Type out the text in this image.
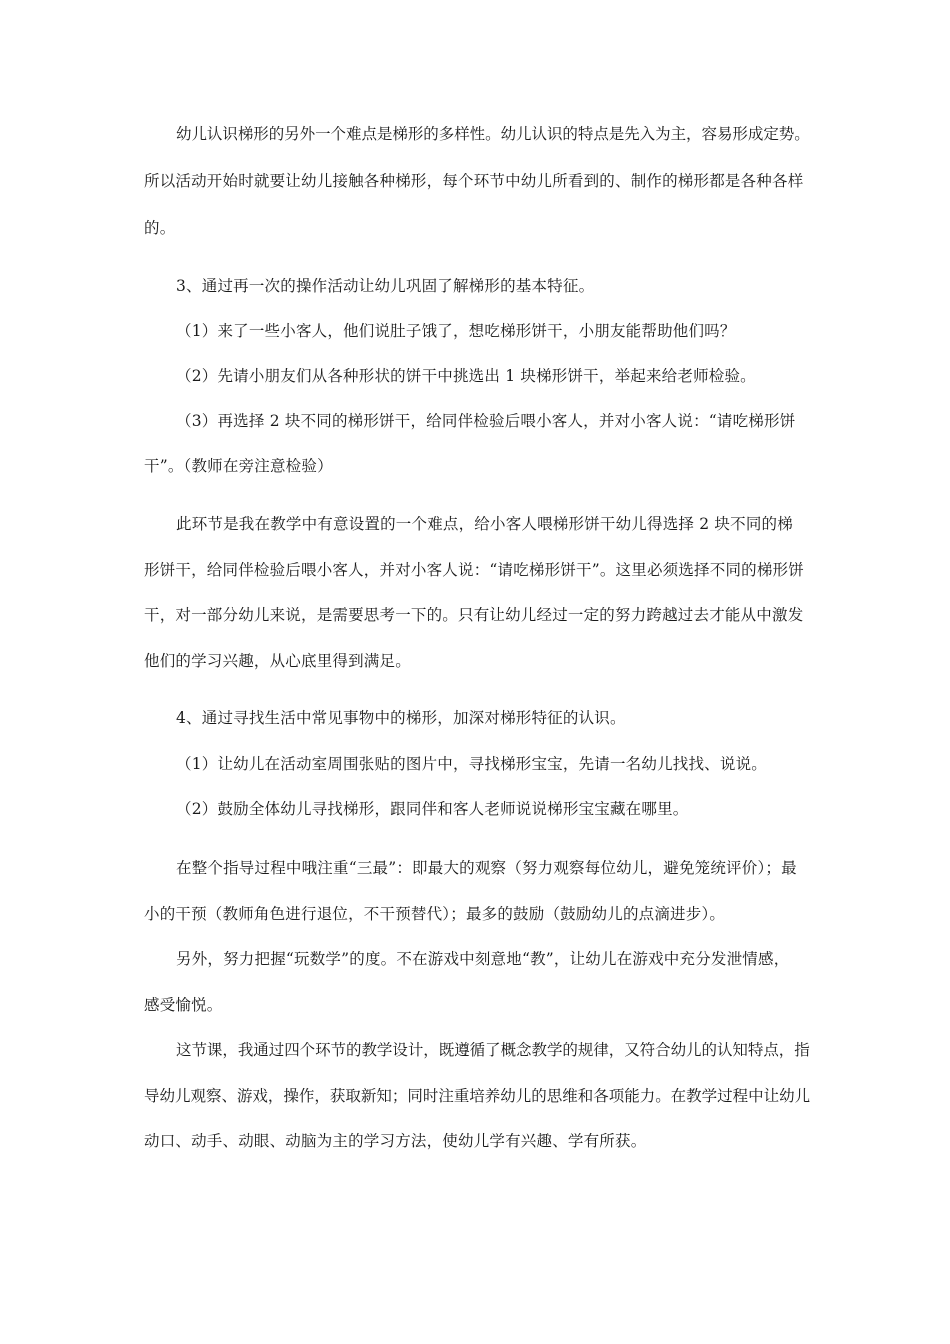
幼儿认识梯形的另外一个难点是梯形的多样性。幼儿认识的特点是先入为主，容易形成定势。
所以活动开始时就要让幼儿接触各种梯形，每个环节中幼儿所看到的、制作的梯形都是各种各样
的。
3、通过再一次的操作活动让幼儿巩固了解梯形的基本特征。
（1）来了一些小客人，他们说肚子饿了，想吃梯形饼干，小朋友能帮助他们吗？
（2）先请小朋友们从各种形状的饼干中挑选出 1 块梯形饼干，举起来给老师检验。
（3）再选择 2 块不同的梯形饼干，给同伴检验后喂小客人，并对小客人说：“请吃梯形饼
干”。（教师在旁注意检验）
此环节是我在教学中有意设置的一个难点，给小客人喂梯形饼干幼儿得选择 2 块不同的梯
形饼干，给同伴检验后喂小客人，并对小客人说：“请吃梯形饼干”。这里必须选择不同的梯形饼
干，对一部分幼儿来说，是需要思考一下的。只有让幼儿经过一定的努力跨越过去才能从中激发
他们的学习兴趣，从心底里得到满足。
4、通过寻找生活中常见事物中的梯形，加深对梯形特征的认识。
（1）让幼儿在活动室周围张贴的图片中，寻找梯形宝宝，先请一名幼儿找找、说说。
（2）鼓励全体幼儿寻找梯形，跟同伴和客人老师说说梯形宝宝藏在哪里。
在整个指导过程中哦注重“三最”：即最大的观察（努力观察每位幼儿，避免笼统评价）；最
小的干预（教师角色进行退位，不干预替代）；最多的鼓励（鼓励幼儿的点滴进步）。
另外，努力把握“玩数学”的度。不在游戏中刻意地“教”，让幼儿在游戏中充分发泄情感，
感受愉悦。
这节课，我通过四个环节的教学设计，既遵循了概念教学的规律，又符合幼儿的认知特点，指
导幼儿观察、游戏，操作，获取新知；同时注重培养幼儿的思维和各项能力。在教学过程中让幼儿
动口、动手、动眼、动脑为主的学习方法，使幼儿学有兴趣、学有所获。
